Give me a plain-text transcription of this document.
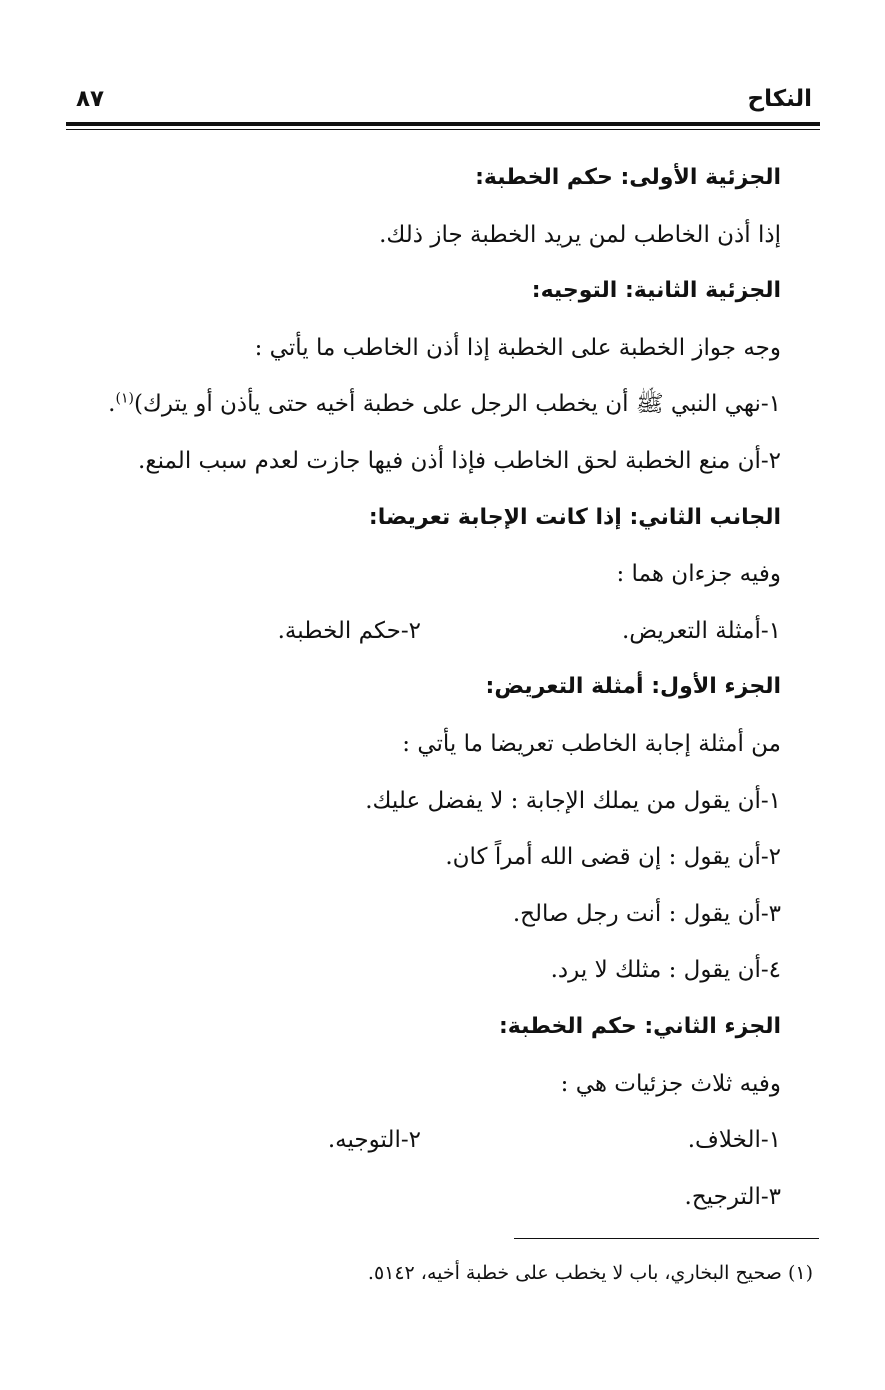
النكاح
٨٧
الجزئية الأولى: حكم الخطبة:
إذا أذن الخاطب لمن يريد الخطبة جاز ذلك.
الجزئية الثانية: التوجيه:
وجه جواز الخطبة على الخطبة إذا أذن الخاطب ما يأتي :
١-نهي النبي ﷺ أن يخطب الرجل على خطبة أخيه حتى يأذن أو يترك)$^{(١)}$.
٢-أن منع الخطبة لحق الخاطب فإذا أذن فيها جازت لعدم سبب المنع.
الجانب الثاني: إذا كانت الإجابة تعريضا:
وفيه جزءان هما :
١-أمثلة التعريض.
٢-حكم الخطبة.
الجزء الأول: أمثلة التعريض:
من أمثلة إجابة الخاطب تعريضا ما يأتي :
١-أن يقول من يملك الإجابة : لا يفضل عليك.
٢-أن يقول : إن قضى الله أمراً كان.
٣-أن يقول : أنت رجل صالح.
٤-أن يقول : مثلك لا يرد.
الجزء الثاني: حكم الخطبة:
وفيه ثلاث جزئيات هي :
١-الخلاف.
٢-التوجيه.
٣-الترجيح.
(١) صحيح البخاري، باب لا يخطب على خطبة أخيه، ٥١٤٢.
